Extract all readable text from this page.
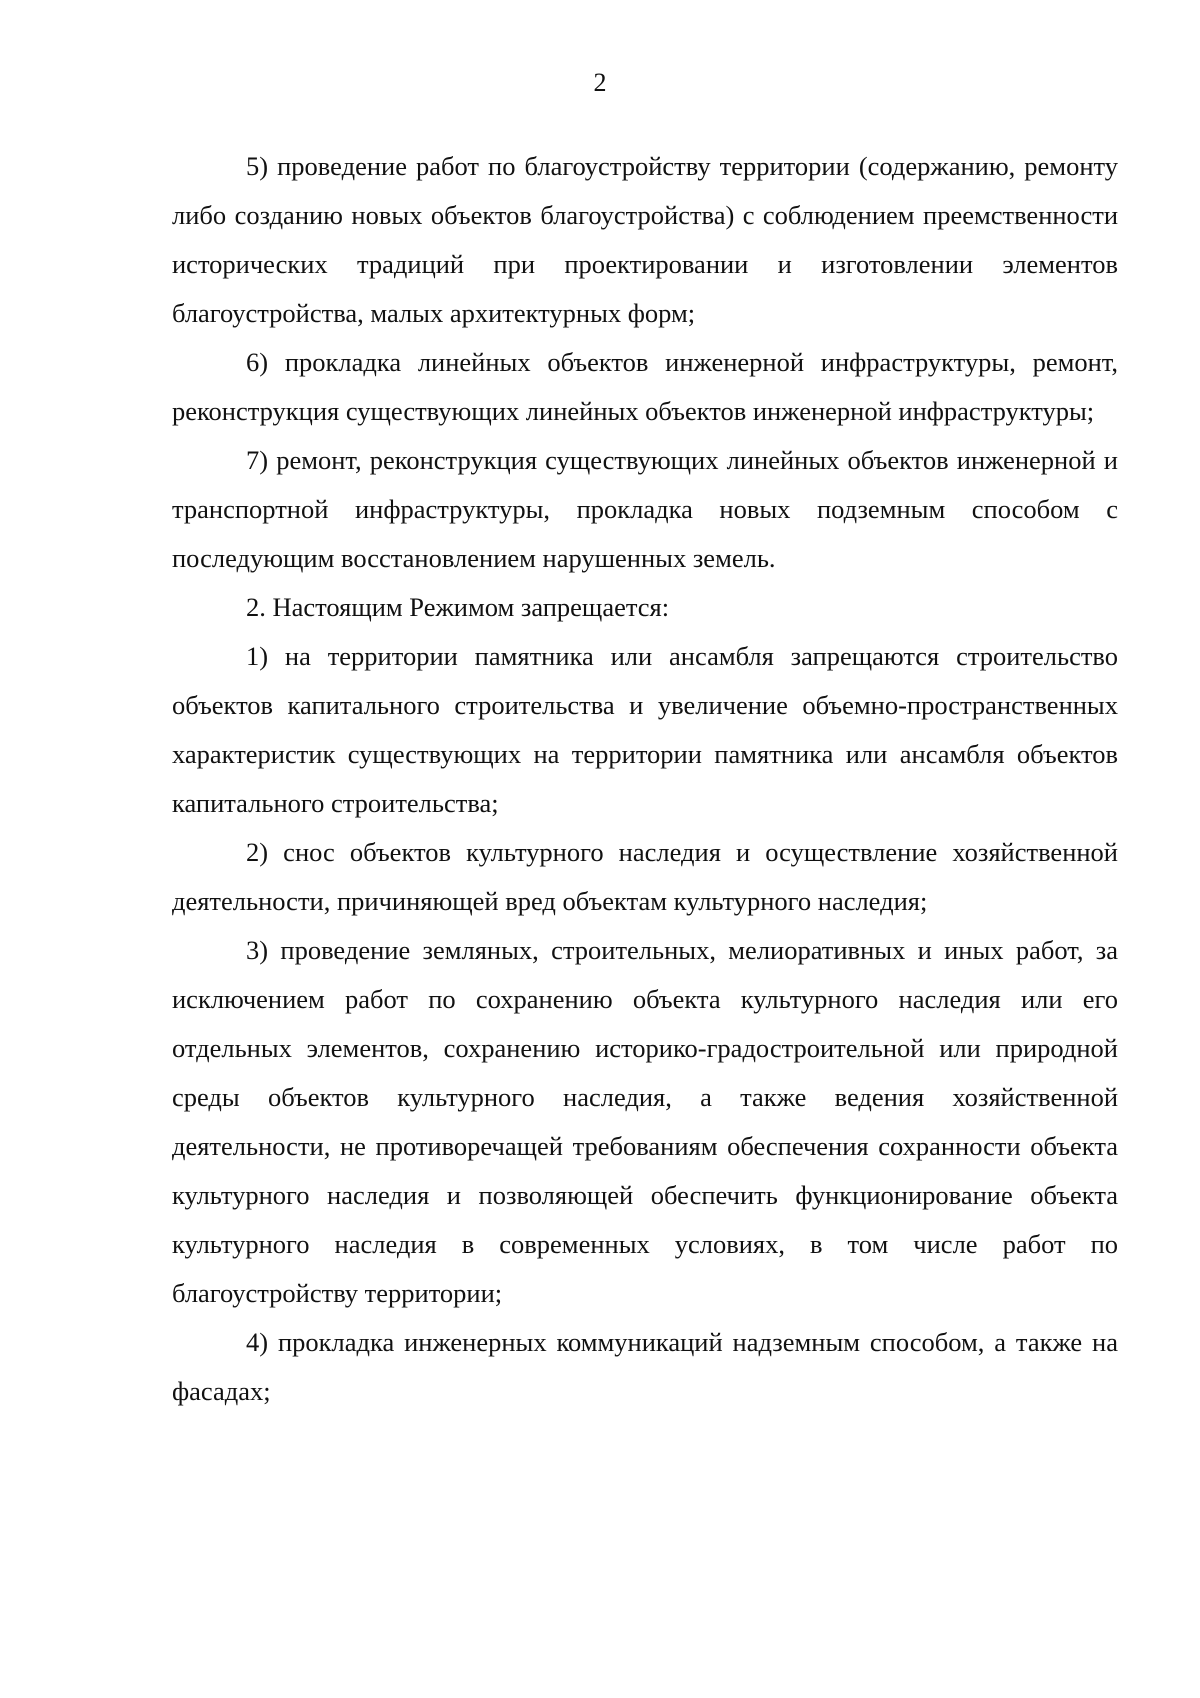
2

5) проведение работ по благоустройству территории (содержанию, ремонту либо созданию новых объектов благоустройства) с соблюдением преемственности исторических традиций при проектировании и изготовлении элементов благоустройства, малых архитектурных форм;

6) прокладка линейных объектов инженерной инфраструктуры, ремонт, реконструкция существующих линейных объектов инженерной инфраструктуры;

7) ремонт, реконструкция существующих линейных объектов инженерной и транспортной инфраструктуры, прокладка новых подземным способом с последующим восстановлением нарушенных земель.

2. Настоящим Режимом запрещается:

1) на территории памятника или ансамбля запрещаются строительство объектов капитального строительства и увеличение объемно-пространственных характеристик существующих на территории памятника или ансамбля объектов капитального строительства;

2) снос объектов культурного наследия и осуществление хозяйственной деятельности, причиняющей вред объектам культурного наследия;

3) проведение земляных, строительных, мелиоративных и иных работ, за исключением работ по сохранению объекта культурного наследия или его отдельных элементов, сохранению историко-градостроительной или природной среды объектов культурного наследия, а также ведения хозяйственной деятельности, не противоречащей требованиям обеспечения сохранности объекта культурного наследия и позволяющей обеспечить функционирование объекта культурного наследия в современных условиях, в том числе работ по благоустройству территории;

4) прокладка инженерных коммуникаций надземным способом, а также на фасадах;
